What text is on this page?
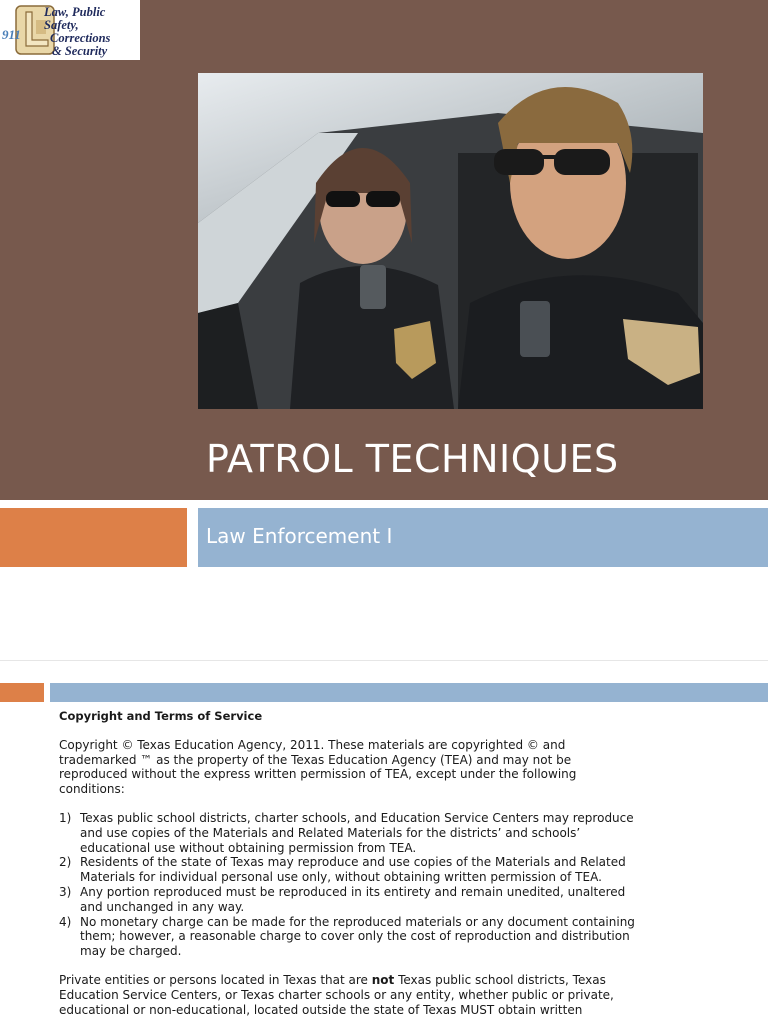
911
Law, Public Safety,
Corrections
& Security
PATROL TECHNIQUES
Law Enforcement I
Copyright and Terms of Service

Copyright © Texas Education Agency, 2011. These materials are copyrighted © and trademarked ™ as the property of the Texas Education Agency (TEA) and may not be reproduced without the express written permission of TEA, except under the following conditions:

1) Texas public school districts, charter schools, and Education Service Centers may reproduce and use copies of the Materials and Related Materials for the districts’ and schools’ educational use without obtaining permission from TEA.
2) Residents of the state of Texas may reproduce and use copies of the Materials and Related Materials for individual personal use only, without obtaining written permission of TEA.
3) Any portion reproduced must be reproduced in its entirety and remain unedited, unaltered and unchanged in any way.
4) No monetary charge can be made for the reproduced materials or any document containing them; however, a reasonable charge to cover only the cost of reproduction and distribution may be charged.

Private entities or persons located in Texas that are not Texas public school districts, Texas Education Service Centers, or Texas charter schools or any entity, whether public or private, educational or non-educational, located outside the state of Texas MUST obtain written
